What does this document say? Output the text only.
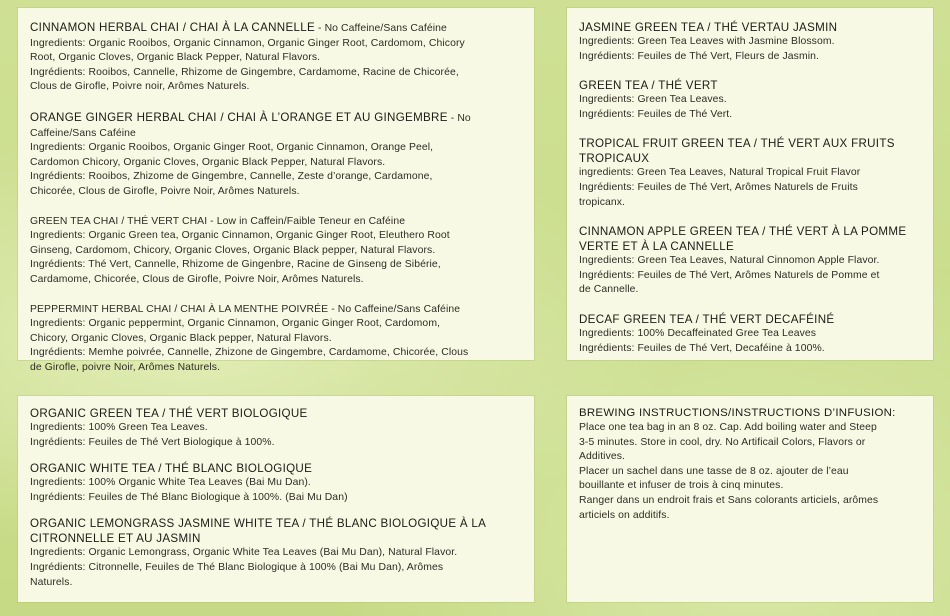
CINNAMON HERBAL CHAI / CHAI À LA CANNELLE - No Caffeine/Sans Caféine
Ingredients: Organic Rooibos, Organic Cinnamon, Organic Ginger Root, Cardomom, Chicory
Root, Organic Cloves, Organic Black Pepper, Natural Flavors.
Ingrédients: Rooibos, Cannelle, Rhizome de Gingembre, Cardamome, Racine de Chicorée,
Clous de Girofle, Poivre noir, Arômes Naturels.
ORANGE GINGER HERBAL CHAI / CHAI À L’ORANGE ET AU GINGEMBRE - No
Caffeine/Sans Caféine
Ingredients: Organic Rooibos, Organic Ginger Root, Organic Cinnamon, Orange Peel,
Cardomon Chicory, Organic Cloves, Organic Black Pepper, Natural Flavors.
Ingrédients: Rooibos, Zhizome de Gingembre, Cannelle, Zeste d’orange, Cardamone,
Chicorée, Clous de Girofle, Poivre Noir, Arômes Naturels.
GREEN TEA CHAI / THÉ VERT CHAI - Low in Caffein/Faible Teneur en Caféine
Ingredients: Organic Green tea, Organic Cinnamon, Organic Ginger Root, Eleuthero Root
Ginseng, Cardomom, Chicory, Organic Cloves, Organic Black pepper, Natural Flavors.
Ingrédients: Thé Vert, Cannelle, Rhizome de Gingenbre, Racine de Ginseng de Sibérie,
Cardamome, Chicorée, Clous de Girofle, Poivre Noir, Arômes Naturels.
PEPPERMINT HERBAL CHAI / CHAI À LA MENTHE POIVRÉE - No Caffeine/Sans Caféine
Ingredients: Organic peppermint, Organic Cinnamon, Organic Ginger Root, Cardomom,
Chicory, Organic Cloves, Organic Black pepper, Natural Flavors.
Ingrédients: Memhe poivrée, Cannelle, Zhizone de Gingembre, Cardamome, Chicorée, Clous
de Girofle, poivre Noir, Arômes Naturels.
JASMINE GREEN TEA / THÉ VERTAU JASMIN
Ingredients: Green Tea Leaves with Jasmine Blossom.
Ingrédients: Feuiles de Thé Vert, Fleurs de Jasmin.
GREEN TEA / THÉ VERT
Ingredients: Green Tea Leaves.
Ingrédients: Feuiles de Thé Vert.
TROPICAL FRUIT GREEN TEA / THÉ VERT AUX FRUITS TROPICAUX
ingredients: Green Tea Leaves, Natural Tropical Fruit Flavor
Ingrédients: Feuiles de Thé Vert, Arômes Naturels de Fruits
tropicanx.
CINNAMON APPLE GREEN TEA / THÉ VERT À LA POMME VERTE ET À LA CANNELLE
Ingredients: Green Tea Leaves, Natural Cinnomon Apple Flavor.
Ingrédients: Feuiles de Thé Vert, Arômes Naturels de Pomme et
de Cannelle.
DECAF GREEN TEA / THÉ VERT DECAFÉINÉ
Ingredients: 100% Decaffeinated Gree Tea Leaves
Ingrédients: Feuiles de Thé Vert, Decaféine à 100%.
ORGANIC GREEN TEA / THÉ VERT BIOLOGIQUE
Ingredients: 100% Green Tea Leaves.
Ingrédients: Feuiles de Thé Vert Biologique à 100%.
ORGANIC WHITE TEA / THÉ BLANC BIOLOGIQUE
Ingredients: 100% Organic White Tea Leaves (Bai Mu Dan).
Ingrédients: Feuiles de Thé Blanc Biologique à 100%. (Bai Mu Dan)
ORGANIC LEMONGRASS JASMINE WHITE TEA / THÉ BLANC BIOLOGIQUE À LA CITRONNELLE ET AU JASMIN
Ingredients: Organic Lemongrass, Organic White Tea Leaves (Bai Mu Dan), Natural Flavor.
Ingrédients: Citronnelle, Feuiles de Thé Blanc Biologique à 100% (Bai Mu Dan), Arômes
Naturels.
BREWING INSTRUCTIONS/INSTRUCTIONS D’INFUSION:
Place one tea bag in an 8 oz. Cap. Add boiling water and Steep
3-5 minutes. Store in cool, dry. No Artificail Colors, Flavors or
Additives.
Placer un sachel dans une tasse de 8 oz. ajouter de l’eau
bouillante et infuser de trois à cinq minutes.
Ranger dans un endroit frais et Sans colorants articiels, arômes
articiels on additifs.
